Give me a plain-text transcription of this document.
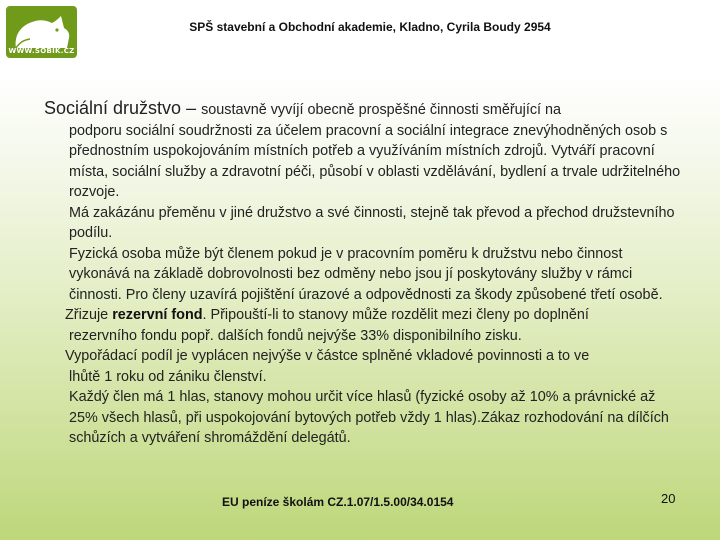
WWW.SOBIK.CZ
SPŠ stavební a Obchodní akademie, Kladno, Cyrila Boudy 2954

Sociální družstvo – soustavně vyvíjí obecně prospěšné činnosti směřující na

podporu sociální soudržnosti za účelem pracovní a sociální integrace znevýhodněných osob s přednostním uspokojováním místních potřeb a využíváním místních zdrojů. Vytváří pracovní místa, sociální služby a zdravotní péči, působí v oblasti vzdělávání, bydlení a trvale udržitelného rozvoje.

Má zakázánu přeměnu v jiné družstvo a své činnosti, stejně tak převod a přechod družstevního podílu.

Fyzická osoba může být členem pokud je v pracovním poměru k družstvu nebo činnost vykonává na základě dobrovolnosti bez odměny nebo jsou jí poskytovány služby v rámci činnosti. Pro členy uzavírá pojištění úrazové a odpovědnosti za škody způsobené třetí osobě.

Zřizuje rezervní fond. Připouští-li to stanovy může rozdělit mezi členy po doplnění
rezervního fondu popř. dalších fondů nejvýše 33% disponibilního zisku.

Vypořádací podíl je vyplácen nejvýše v částce splněné vkladové povinnosti a to ve
lhůtě 1 roku od zániku členství.

Každý člen má 1 hlas, stanovy mohou určit více hlasů (fyzické osoby až 10% a právnické až 25% všech hlasů, při uspokojování bytových potřeb vždy 1 hlas).Zákaz rozhodování na dílčích schůzích a vytváření shromáždění delegátů.

EU peníze školám CZ.1.07/1.5.00/34.0154	20
